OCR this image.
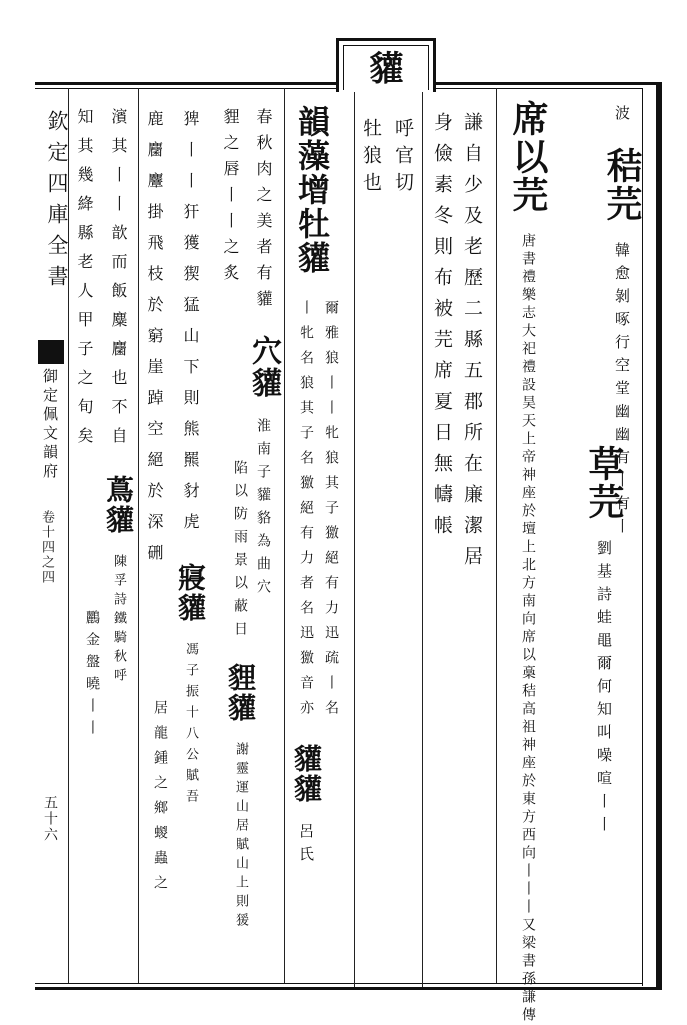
貛
欽定四庫全書
御定佩文韻府
卷十四之四
五十六
波 秸芫 韓愈剝啄行空堂幽幽有丨有丨
草芫 劉基詩蛙黽爾何知叫噪喧丨丨
席以芫 唐書禮樂志大祀禮設昊天上帝神座於壇上北方南向席以槀秸高祖神座於東方西向丨丨丨又梁書孫謙傳
謙自少及老歷二縣五郡所在廉潔居
身儉素冬則布被芫席夏日無幬帳
呼官切
牡狼也
韻藻增牡貛
爾雅狼丨丨牝狼其子獥絕有力迅疏丨名
丨牝名狼其子名獥絕有力者名迅獥音亦 貛貛 呂氏
春秋肉之美者有貛 穴貛 淮南子貛貉為曲穴
貍之唇丨丨之炙
陷以防雨景以蔽日 貍貛 謝靈運山居賦山上則猨
猈丨丨犴獲猰猛山下則熊羆豺虎 寢貛 馮子振十八公賦吾
鹿麕麞掛飛枝於窮崖踔空絕於深硎
居龍鍾之鄉蝬蟲之
濱其丨丨歆而飯麋麕也不自 蔦貛 陳孚詩鐵騎秋呼
知其幾絳縣老人甲子之旬矣
鸝金盤曉丨丨
